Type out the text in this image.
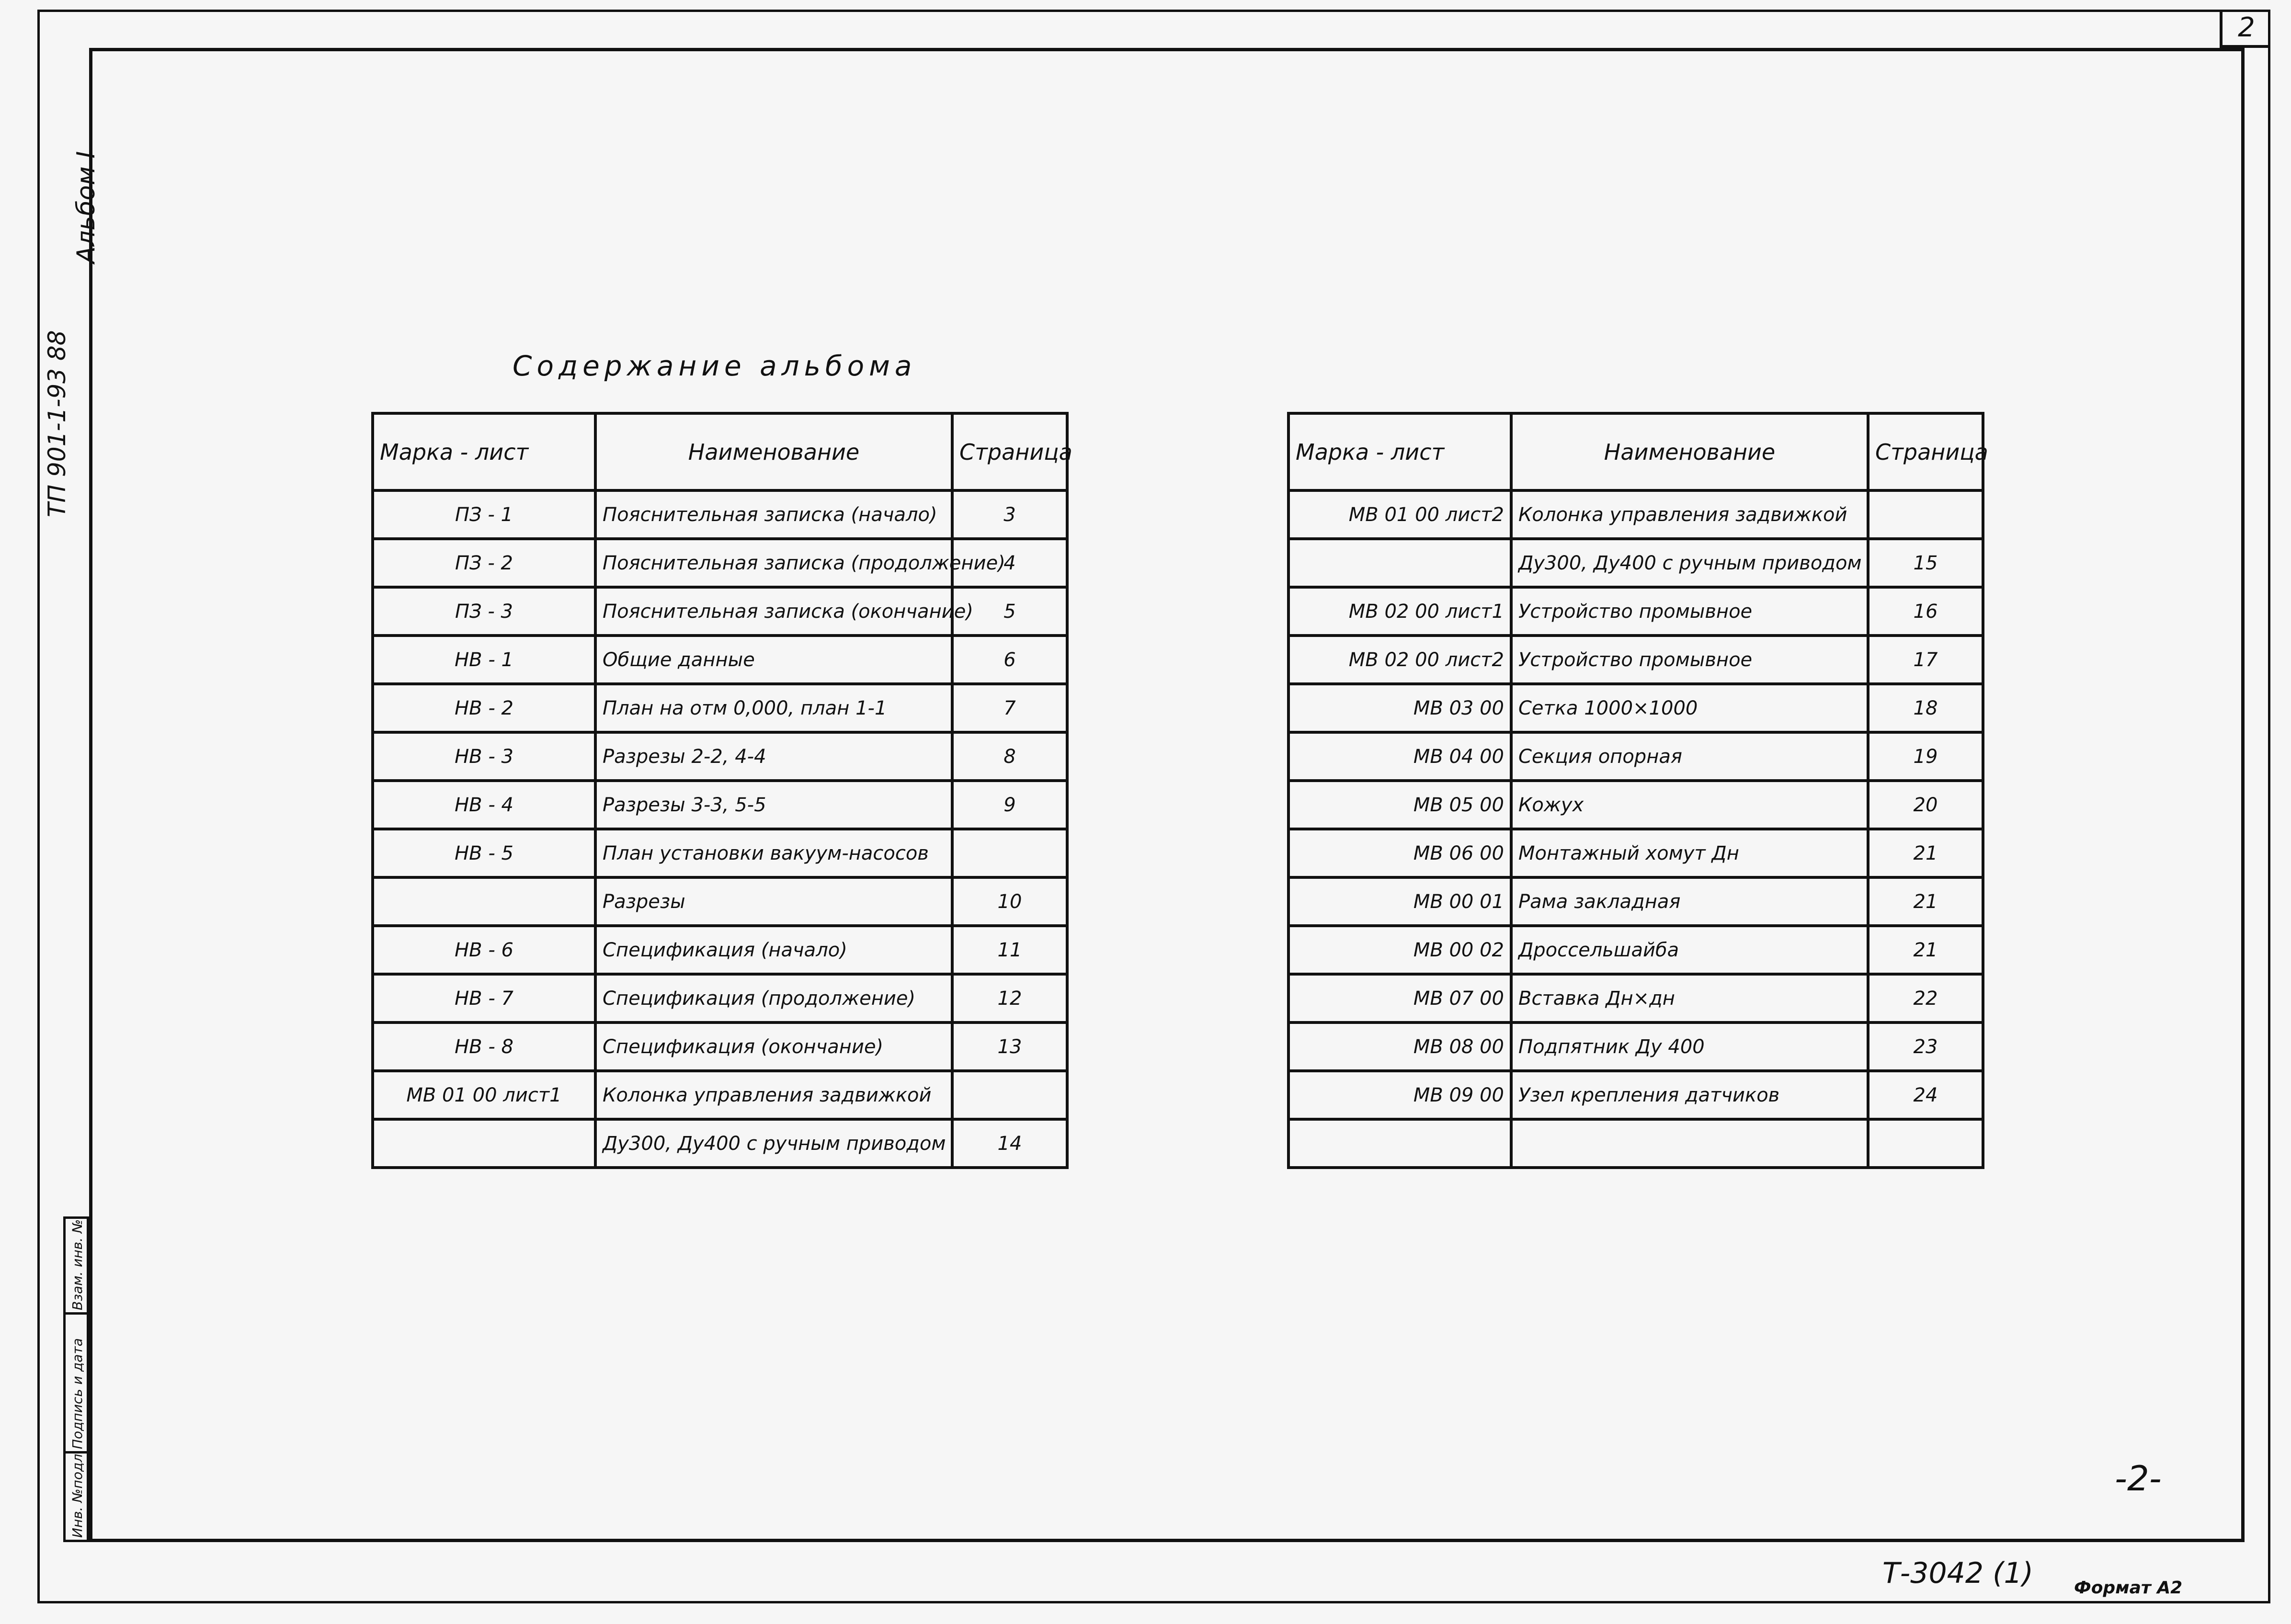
2
ТП 901-1-93 88
Альбом I
Взам. инв. №
Подпись и дата
Инв. №подл.
Содержание альбома
Марка - лист	Наименование	Страница
ПЗ - 1	Пояснительная записка (начало)	3
ПЗ - 2	Пояснительная записка (продолжение)	4
ПЗ - 3	Пояснительная записка (окончание)	5
НВ - 1	Общие данные	6
НВ - 2	План на отм 0,000, план 1-1	7
НВ - 3	Разрезы 2-2, 4-4	8
НВ - 4	Разрезы 3-3, 5-5	9
НВ - 5	План установки вакуум-насосов	
	Разрезы	10
НВ - 6	Спецификация (начало)	11
НВ - 7	Спецификация (продолжение)	12
НВ - 8	Спецификация (окончание)	13
МВ 01 00 лист1	Колонка управления задвижкой	
	Ду300, Ду400 с ручным приводом	14
Марка - лист	Наименование	Страница
МВ 01 00 лист2	Колонка управления задвижкой	
	Ду300, Ду400 с ручным приводом	15
МВ 02 00 лист1	Устройство промывное	16
МВ 02 00 лист2	Устройство промывное	17
МВ 03 00	Сетка 1000×1000	18
МВ 04 00	Секция опорная	19
МВ 05 00	Кожух	20
МВ 06 00	Монтажный хомут Дн	21
МВ 00 01	Рама закладная	21
МВ 00 02	Дроссельшайба	21
МВ 07 00	Вставка Дн×дн	22
МВ 08 00	Подпятник Ду 400	23
МВ 09 00	Узел крепления датчиков	24

-2-
Т-3042 (1) Формат А2
